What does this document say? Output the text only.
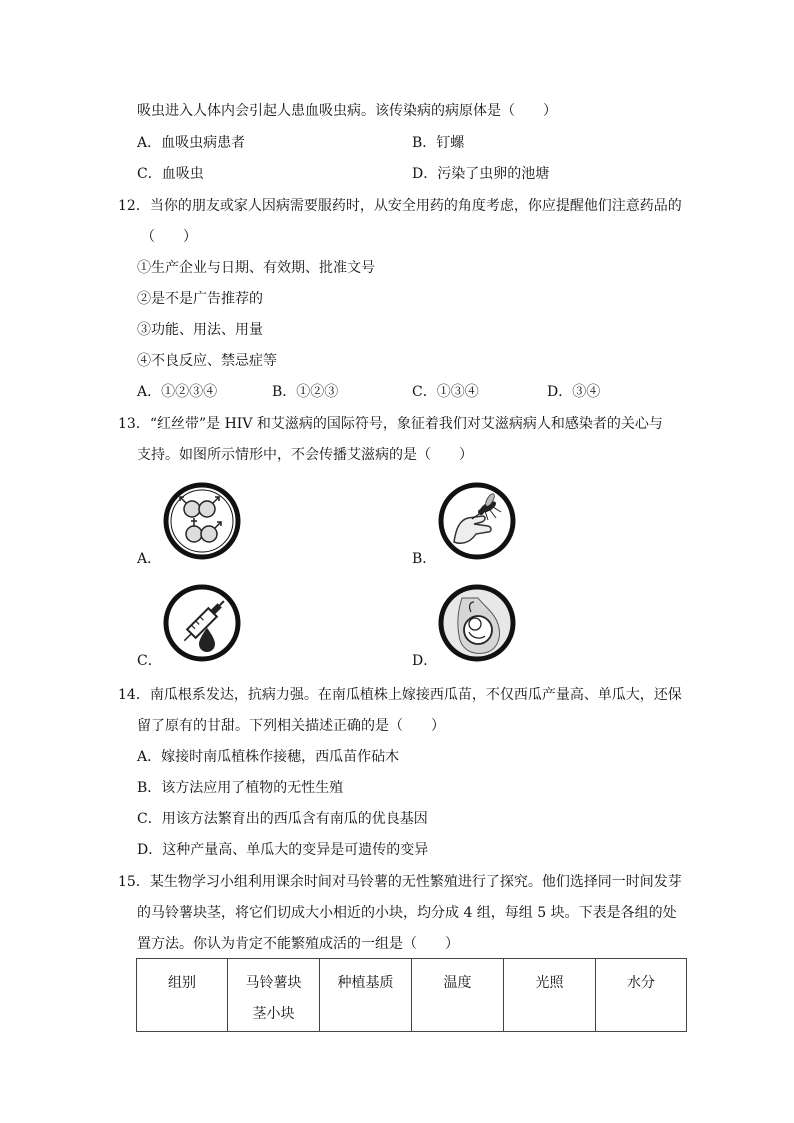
吸虫进入人体内会引起人患血吸虫病。该传染病的病原体是（　　）
A．血吸虫病患者	B．钉螺
C．血吸虫	D．污染了虫卵的池塘
12．当你的朋友或家人因病需要服药时，从安全用药的角度考虑，你应提醒他们注意药品的
（　　）
①生产企业与日期、有效期、批准文号
②是不是广告推荐的
③功能、用法、用量
④不良反应、禁忌症等
A．①②③④	B．①②③	C．①③④	D．③④
13．“红丝带”是 HIV 和艾滋病的国际符号，象征着我们对艾滋病病人和感染者的关心与
支持。如图所示情形中，不会传播艾滋病的是（　　）
A．	B．
C．	D．
14．南瓜根系发达，抗病力强。在南瓜植株上嫁接西瓜苗，不仅西瓜产量高、单瓜大，还保
留了原有的甘甜。下列相关描述正确的是（　　）
A．嫁接时南瓜植株作接穗，西瓜苗作砧木
B．该方法应用了植物的无性生殖
C．用该方法繁育出的西瓜含有南瓜的优良基因
D．这种产量高、单瓜大的变异是可遗传的变异
15．某生物学习小组利用课余时间对马铃薯的无性繁殖进行了探究。他们选择同一时间发芽
的马铃薯块茎，将它们切成大小相近的小块，均分成 4 组，每组 5 块。下表是各组的处
置方法。你认为肯定不能繁殖成活的一组是（　　）
组别	马铃薯块茎小块	种植基质	温度	光照	水分
